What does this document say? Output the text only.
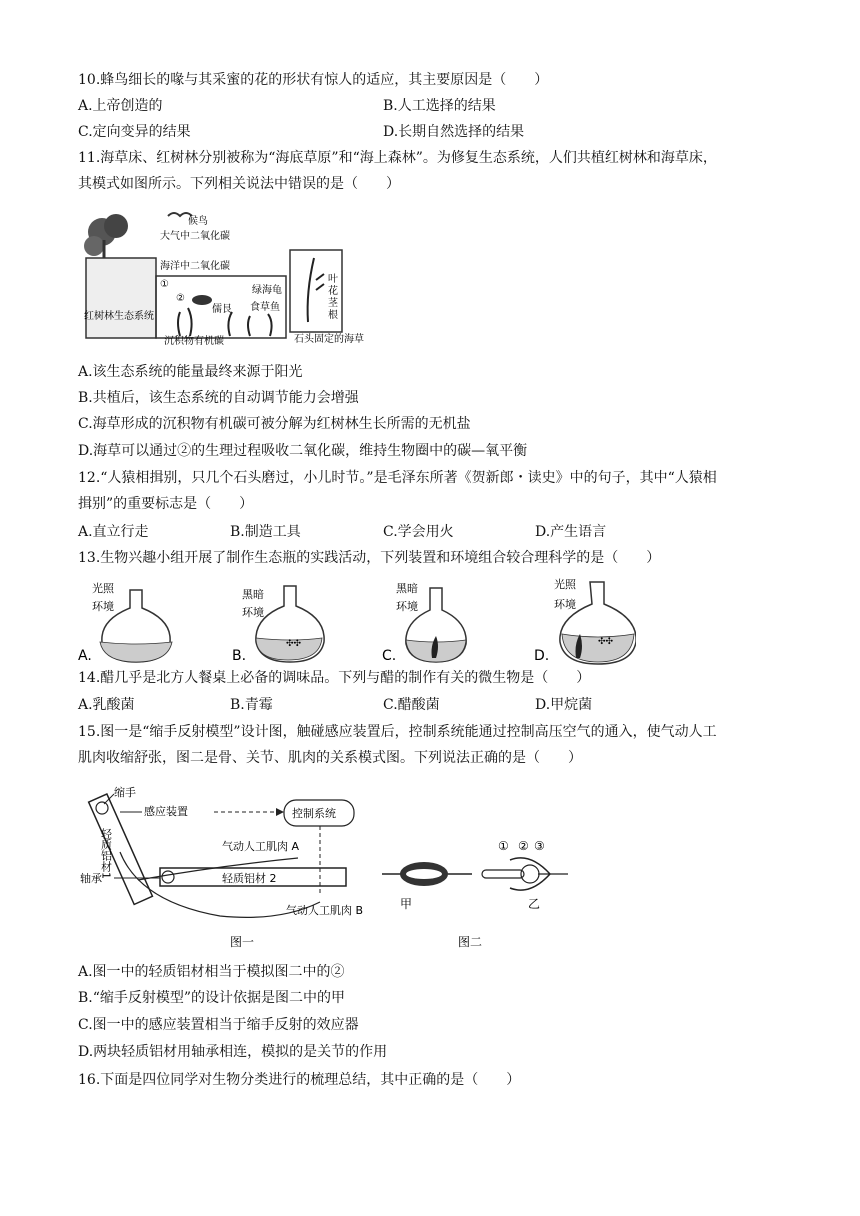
10.蜂鸟细长的喙与其采蜜的花的形状有惊人的适应，其主要原因是（　　）
A.上帝创造的	B.人工选择的结果
C.定向变异的结果	D.长期自然选择的结果
11.海草床、红树林分别被称为“海底草原”和“海上森林”。为修复生态系统，人们共植红树林和海草床，
其模式如图所示。下列相关说法中错误的是（　　）
候鸟
大气中二氧化碳
海洋中二氧化碳
①
②
绿海龟
儒艮 食草鱼
红树林生态系统
沉积物有机碳
叶
花
茎
根
石头固定的海草
A.该生态系统的能量最终来源于阳光
B.共植后，该生态系统的自动调节能力会增强
C.海草形成的沉积物有机碳可被分解为红树林生长所需的无机盐
D.海草可以通过②的生理过程吸收二氧化碳，维持生物圈中的碳—氧平衡
12.“人猿相揖别，只几个石头磨过，小儿时节。”是毛泽东所著《贺新郎・读史》中的句子，其中“人猿相
揖别”的重要标志是（　　）
A.直立行走	B.制造工具	C.学会用火	D.产生语言
13.生物兴趣小组开展了制作生态瓶的实践活动，下列装置和环境组合较合理科学的是（　　）
光照
环境
A.
黑暗
环境
✣✣
B.
黑暗
环境
C.
光照
环境
✣✣
D.
14.醋几乎是北方人餐桌上必备的调味品。下列与醋的制作有关的微生物是（　　）
A.乳酸菌	B.青霉	C.醋酸菌	D.甲烷菌
15.图一是“缩手反射模型”设计图，触碰感应装置后，控制系统能通过控制高压空气的通入，使气动人工
肌肉收缩舒张，图二是骨、关节、肌肉的关系模式图。下列说法正确的是（　　）
缩手
轻质铝材1
感应装置	控制系统
气动人工肌肉 A
轻质铝材 2
轴承
气动人工肌肉 B
图一
甲
① ② ③
乙
图二
A.图一中的轻质铝材相当于模拟图二中的②
B.“缩手反射模型”的设计依据是图二中的甲
C.图一中的感应装置相当于缩手反射的效应器
D.两块轻质铝材用轴承相连，模拟的是关节的作用
16.下面是四位同学对生物分类进行的梳理总结，其中正确的是（　　）
